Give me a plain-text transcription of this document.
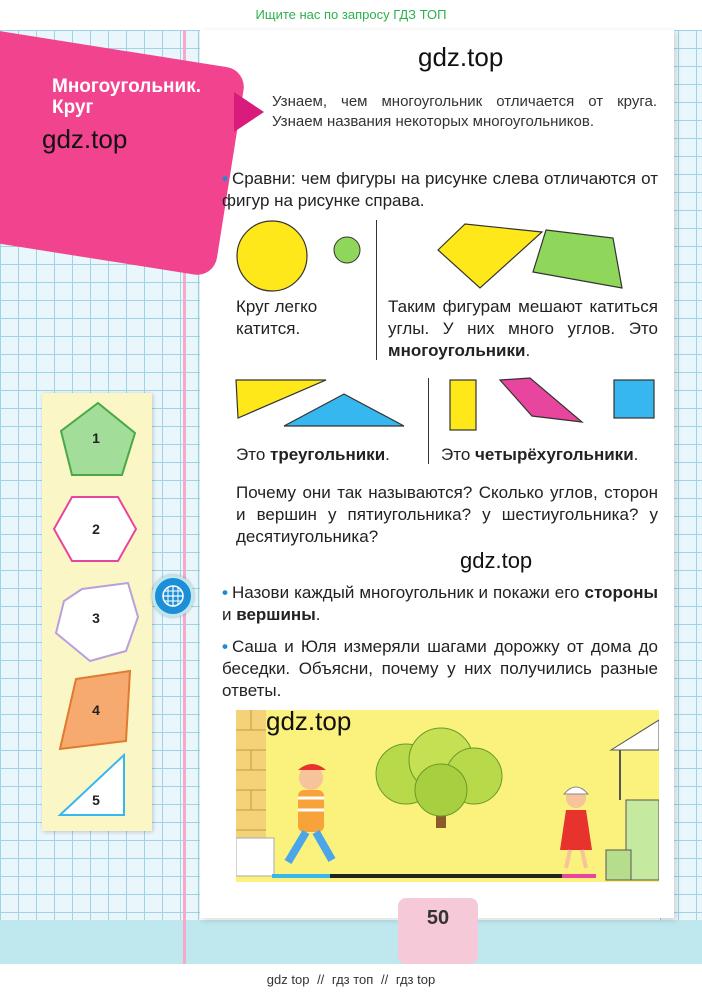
Ищите нас по запросу ГДЗ ТОП
Многоугольник.
Круг
gdz.top
gdz.top
gdz.top
gdz.top
Узнаем, чем многоугольник отличается от круга. Узнаем названия некоторых многоугольников.
• Сравни: чем фигуры на рисунке слева отличаются от фигур на рисунке справа.
Круг легко катится.
Таким фигурам мешают катиться углы. У них много углов. Это многоугольники.
Это треугольники.	Это четырёхугольники.
Почему они так называются? Сколько углов, сторон и вершин у пятиугольника? у шестиугольника? у десятиугольника?
• Назови каждый многоугольник и покажи его стороны и вершины.
• Саша и Юля измеряли шагами дорожку от дома до беседки. Объясни, почему у них получились разные ответы.
1
2
3
4
5
50
gdz top // гдз топ // гдз top
